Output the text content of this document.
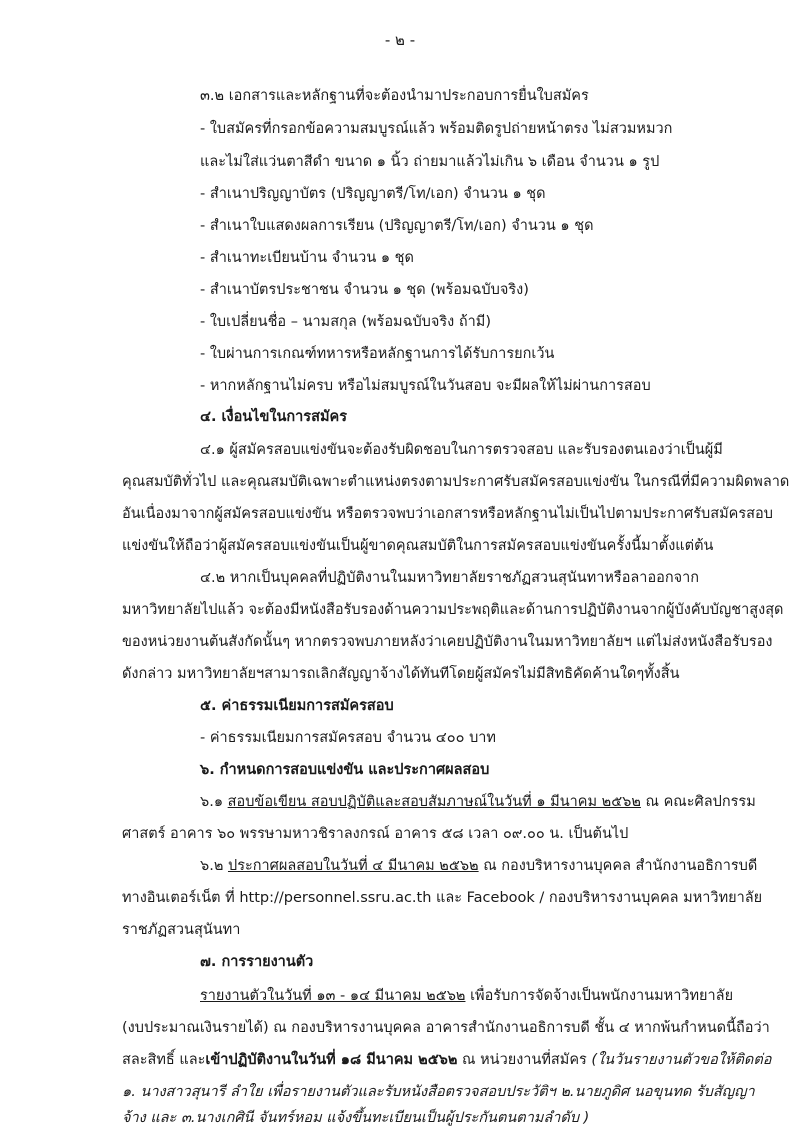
- ๒ -
๓.๒ เอกสารและหลักฐานที่จะต้องนำมาประกอบการยื่นใบสมัคร
- ใบสมัครที่กรอกข้อความสมบูรณ์แล้ว พร้อมติดรูปถ่ายหน้าตรง ไม่สวมหมวก
และไม่ใส่แว่นตาสีดำ ขนาด ๑ นิ้ว ถ่ายมาแล้วไม่เกิน ๖ เดือน จำนวน ๑ รูป
- สำเนาปริญญาบัตร (ปริญญาตรี/โท/เอก) จำนวน ๑ ชุด
- สำเนาใบแสดงผลการเรียน (ปริญญาตรี/โท/เอก) จำนวน ๑ ชุด
- สำเนาทะเบียนบ้าน จำนวน ๑ ชุด
- สำเนาบัตรประชาชน จำนวน ๑ ชุด (พร้อมฉบับจริง)
- ใบเปลี่ยนชื่อ – นามสกุล (พร้อมฉบับจริง ถ้ามี)
- ใบผ่านการเกณฑ์ทหารหรือหลักฐานการได้รับการยกเว้น
- หากหลักฐานไม่ครบ หรือไม่สมบูรณ์ในวันสอบ จะมีผลให้ไม่ผ่านการสอบ
๔. เงื่อนไขในการสมัคร
๔.๑ ผู้สมัครสอบแข่งขันจะต้องรับผิดชอบในการตรวจสอบ และรับรองตนเองว่าเป็นผู้มี
คุณสมบัติทั่วไป และคุณสมบัติเฉพาะตำแหน่งตรงตามประกาศรับสมัครสอบแข่งขัน ในกรณีที่มีความผิดพลาด
อันเนื่องมาจากผู้สมัครสอบแข่งขัน หรือตรวจพบว่าเอกสารหรือหลักฐานไม่เป็นไปตามประกาศรับสมัครสอบ
แข่งขันให้ถือว่าผู้สมัครสอบแข่งขันเป็นผู้ขาดคุณสมบัติในการสมัครสอบแข่งขันครั้งนี้มาตั้งแต่ต้น
๔.๒ หากเป็นบุคคลที่ปฏิบัติงานในมหาวิทยาลัยราชภัฏสวนสุนันทาหรือลาออกจาก
มหาวิทยาลัยไปแล้ว จะต้องมีหนังสือรับรองด้านความประพฤติและด้านการปฏิบัติงานจากผู้บังคับบัญชาสูงสุด
ของหน่วยงานต้นสังกัดนั้นๆ หากตรวจพบภายหลังว่าเคยปฏิบัติงานในมหาวิทยาลัยฯ แต่ไม่ส่งหนังสือรับรอง
ดังกล่าว มหาวิทยาลัยฯสามารถเลิกสัญญาจ้างได้ทันทีโดยผู้สมัครไม่มีสิทธิคัดค้านใดๆทั้งสิ้น
๕. ค่าธรรมเนียมการสมัครสอบ
- ค่าธรรมเนียมการสมัครสอบ จำนวน ๔๐๐ บาท
๖. กำหนดการสอบแข่งขัน และประกาศผลสอบ
๖.๑ สอบข้อเขียน สอบปฏิบัติและสอบสัมภาษณ์ในวันที่ ๑ มีนาคม ๒๕๖๒ ณ คณะศิลปกรรม
ศาสตร์ อาคาร ๖๐ พรรษามหาวชิราลงกรณ์ อาคาร ๕๘ เวลา ๐๙.๐๐ น. เป็นต้นไป
๖.๒ ประกาศผลสอบในวันที่ ๔ มีนาคม ๒๕๖๒ ณ กองบริหารงานบุคคล สำนักงานอธิการบดี
ทางอินเตอร์เน็ต ที่ http://personnel.ssru.ac.th และ Facebook / กองบริหารงานบุคคล มหาวิทยาลัย
ราชภัฏสวนสุนันทา
๗. การรายงานตัว
รายงานตัวในวันที่ ๑๓ - ๑๔ มีนาคม ๒๕๖๒ เพื่อรับการจัดจ้างเป็นพนักงานมหาวิทยาลัย
(งบประมาณเงินรายได้) ณ กองบริหารงานบุคคล อาคารสำนักงานอธิการบดี ชั้น ๔ หากพ้นกำหนดนี้ถือว่า
สละสิทธิ์ และเข้าปฏิบัติงานในวันที่ ๑๘ มีนาคม ๒๕๖๒ ณ หน่วยงานที่สมัคร (ในวันรายงานตัวขอให้ติดต่อ
๑. นางสาวสุนารี ลำใย เพื่อรายงานตัวและรับหนังสือตรวจสอบประวัติฯ ๒.นายภูดิศ นอขุนทด รับสัญญา
จ้าง และ ๓.นางเกศินี จันทร์หอม แจ้งขึ้นทะเบียนเป็นผู้ประกันตนตามลำดับ )
